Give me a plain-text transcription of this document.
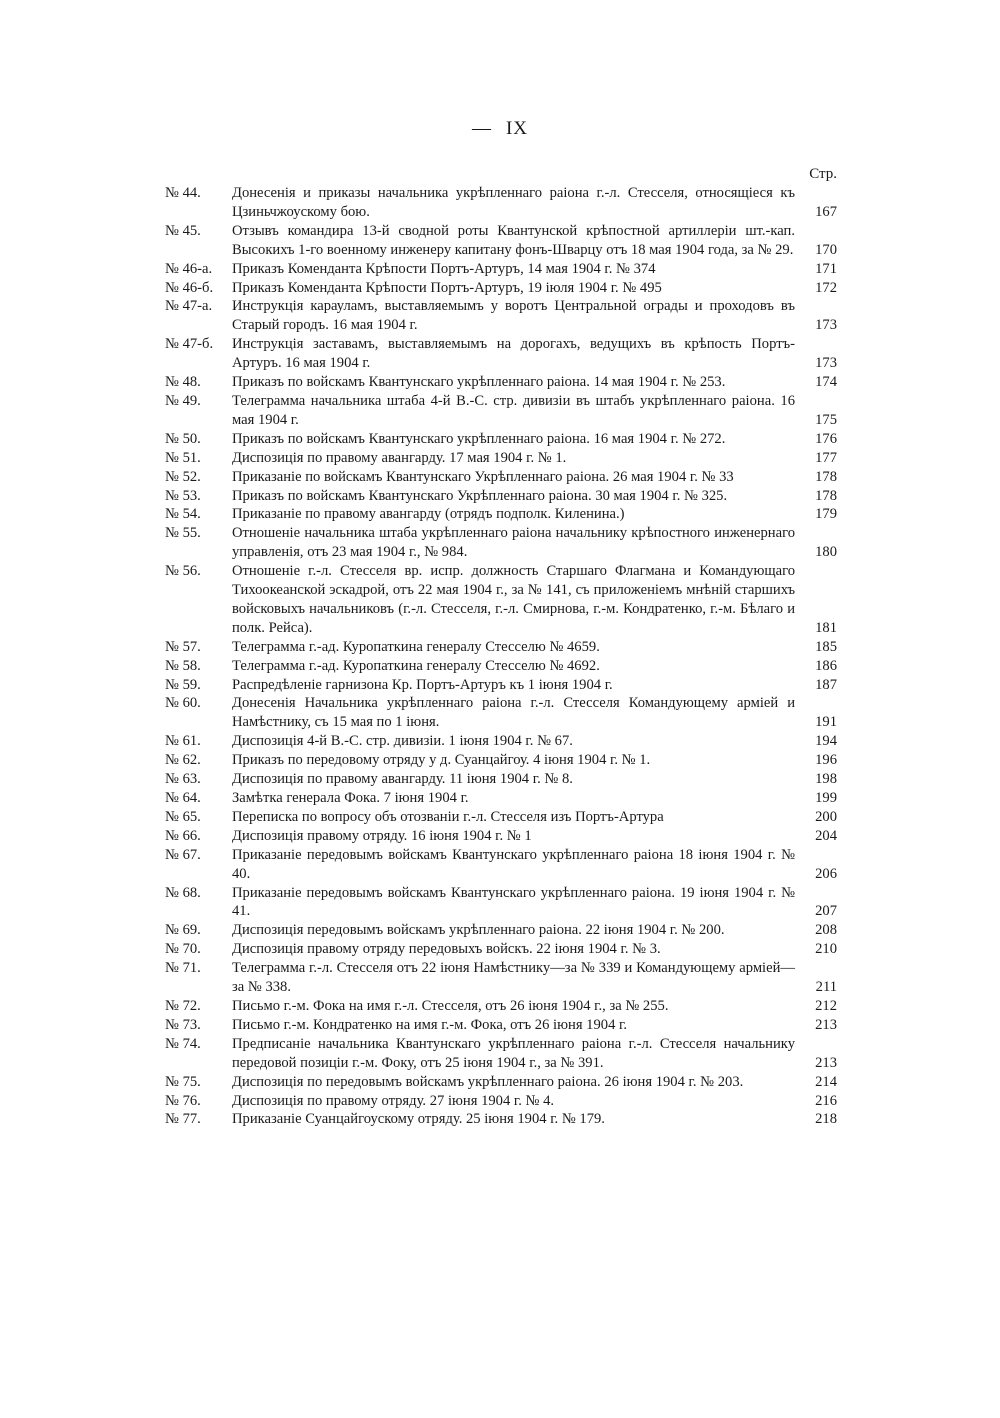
— IX
Стр.
№ 44.	Донесенія и приказы начальника укрѣпленнаго раіона г.-л. Стесселя, относящіеся къ Цзиньчжоускому бою.	167
№ 45.	Отзывъ командира 13-й сводной роты Квантунской крѣпостной артиллеріи шт.-кап. Высокихъ 1-го военному инженеру капитану фонъ-Шварцу отъ 18 мая 1904 года, за № 29.	170
№ 46-а.	Приказъ Коменданта Крѣпости Портъ-Артуръ, 14 мая 1904 г. № 374	171
№ 46-б.	Приказъ Коменданта Крѣпости Портъ-Артуръ, 19 іюля 1904 г. № 495	172
№ 47-а.	Инструкція карауламъ, выставляемымъ у воротъ Центральной ограды и проходовъ въ Старый городъ. 16 мая 1904 г.	173
№ 47-б.	Инструкція заставамъ, выставляемымъ на дорогахъ, ведущихъ въ крѣпость Портъ-Артуръ. 16 мая 1904 г.	173
№ 48.	Приказъ по войскамъ Квантунскаго укрѣпленнаго раіона. 14 мая 1904 г. № 253.	174
№ 49.	Телеграмма начальника штаба 4-й В.-С. стр. дивизіи въ штабъ укрѣпленнаго раіона. 16 мая 1904 г.	175
№ 50.	Приказъ по войскамъ Квантунскаго укрѣпленнаго раіона. 16 мая 1904 г. № 272.	176
№ 51.	Диспозиція по правому авангарду. 17 мая 1904 г. № 1.	177
№ 52.	Приказаніе по войскамъ Квантунскаго Укрѣпленнаго раіона. 26 мая 1904 г. № 33	178
№ 53.	Приказъ по войскамъ Квантунскаго Укрѣпленнаго раіона. 30 мая 1904 г. № 325.	178
№ 54.	Приказаніе по правому авангарду (отрядъ подполк. Киленина.)	179
№ 55.	Отношеніе начальника штаба укрѣпленнаго раіона начальнику крѣпостного инженернаго управленія, отъ 23 мая 1904 г., № 984.	180
№ 56.	Отношеніе г.-л. Стесселя вр. испр. должность Старшаго Флагмана и Командующаго Тихоокеанской эскадрой, отъ 22 мая 1904 г., за № 141, съ приложеніемъ мнѣній старшихъ войсковыхъ начальниковъ (г.-л. Стесселя, г.-л. Смирнова, г.-м. Кондратенко, г.-м. Бѣлаго и полк. Рейса).	181
№ 57.	Телеграмма г.-ад. Куропаткина генералу Стесселю № 4659.	185
№ 58.	Телеграмма г.-ад. Куропаткина генералу Стесселю № 4692.	186
№ 59.	Распредѣленіе гарнизона Кр. Портъ-Артуръ къ 1 іюня 1904 г.	187
№ 60.	Донесенія Начальника укрѣпленнаго раіона г.-л. Стесселя Командующему арміей и Намѣстнику, съ 15 мая по 1 іюня.	191
№ 61.	Диспозиція 4-й В.-С. стр. дивизіи. 1 іюня 1904 г. № 67.	194
№ 62.	Приказъ по передовому отряду у д. Суанцайгоу. 4 іюня 1904 г. № 1.	196
№ 63.	Диспозиція по правому авангарду. 11 іюня 1904 г. № 8.	198
№ 64.	Замѣтка генерала Фока. 7 іюня 1904 г.	199
№ 65.	Переписка по вопросу объ отозваніи г.-л. Стесселя изъ Портъ-Артура	200
№ 66.	Диспозиція правому отряду. 16 іюня 1904 г. № 1	204
№ 67.	Приказаніе передовымъ войскамъ Квантунскаго укрѣпленнаго раіона 18 іюня 1904 г. № 40.	206
№ 68.	Приказаніе передовымъ войскамъ Квантунскаго укрѣпленнаго раіона. 19 іюня 1904 г. № 41.	207
№ 69.	Диспозиція передовымъ войскамъ укрѣпленнаго раіона. 22 іюня 1904 г. № 200.	208
№ 70.	Диспозиція правому отряду передовыхъ войскъ. 22 іюня 1904 г. № 3.	210
№ 71.	Телеграмма г.-л. Стесселя отъ 22 іюня Намѣстнику—за № 339 и Командующему арміей—за № 338.	211
№ 72.	Письмо г.-м. Фока на имя г.-л. Стесселя, отъ 26 іюня 1904 г., за № 255.	212
№ 73.	Письмо г.-м. Кондратенко на имя г.-м. Фока, отъ 26 іюня 1904 г.	213
№ 74.	Предписаніе начальника Квантунскаго укрѣпленнаго раіона г.-л. Стесселя начальнику передовой позиціи г.-м. Фоку, отъ 25 іюня 1904 г., за № 391.	213
№ 75.	Диспозиція по передовымъ войскамъ укрѣпленнаго раіона. 26 іюня 1904 г. № 203.	214
№ 76.	Диспозиція по правому отряду. 27 іюня 1904 г. № 4.	216
№ 77.	Приказаніе Суанцайгоускому отряду. 25 іюня 1904 г. № 179.	218
